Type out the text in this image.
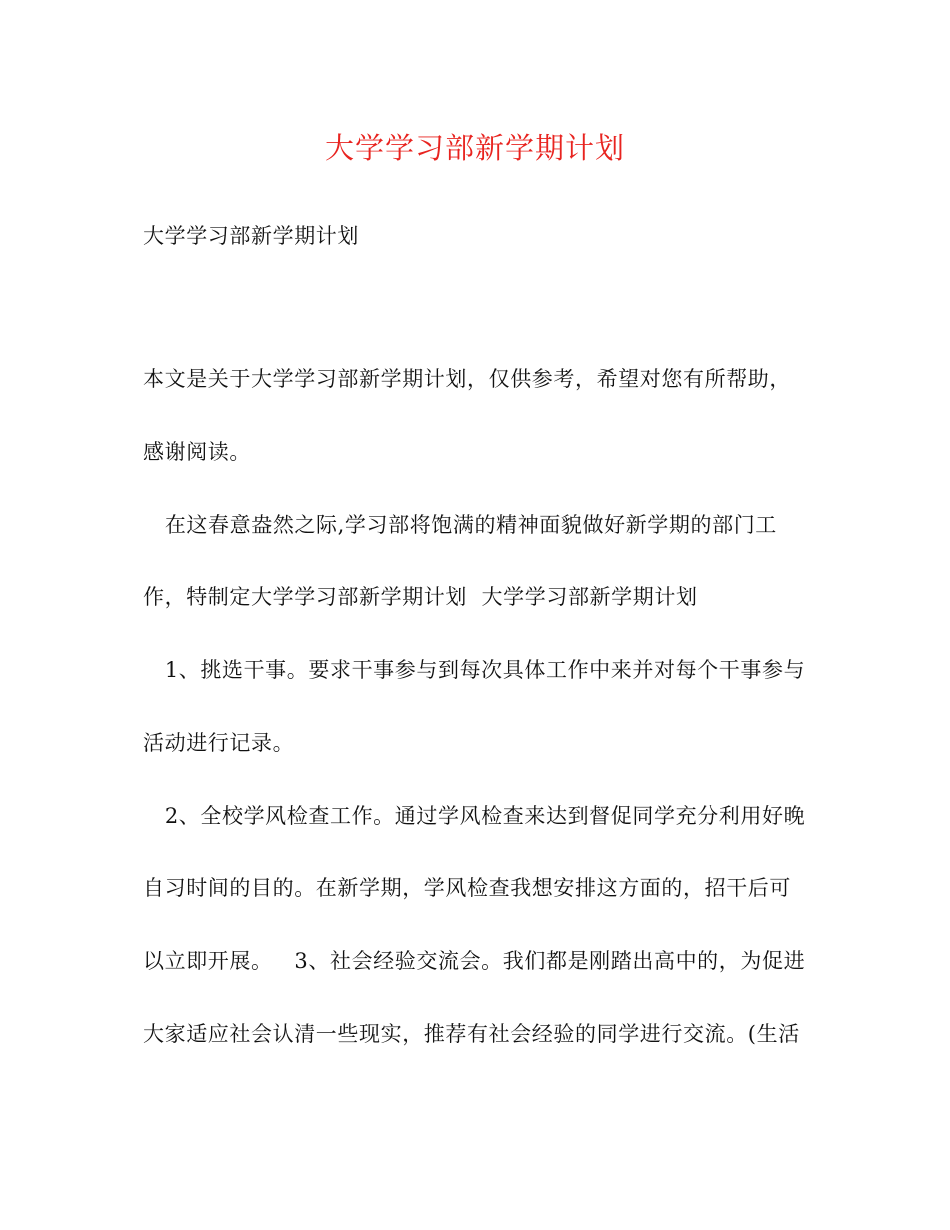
大学学习部新学期计划
大学学习部新学期计划
本文是关于大学学习部新学期计划，仅供参考，希望对您有所帮助，
感谢阅读。
在这春意盎然之际,学习部将饱满的精神面貌做好新学期的部门工
作，特制定大学学习部新学期计划  大学学习部新学期计划
1、挑选干事。要求干事参与到每次具体工作中来并对每个干事参与
活动进行记录。
2、全校学风检查工作。通过学风检查来达到督促同学充分利用好晚
自习时间的目的。在新学期，学风检查我想安排这方面的，招干后可
以立即开展。   3、社会经验交流会。我们都是刚踏出高中的，为促进
大家适应社会认清一些现实，推荐有社会经验的同学进行交流。(生活
